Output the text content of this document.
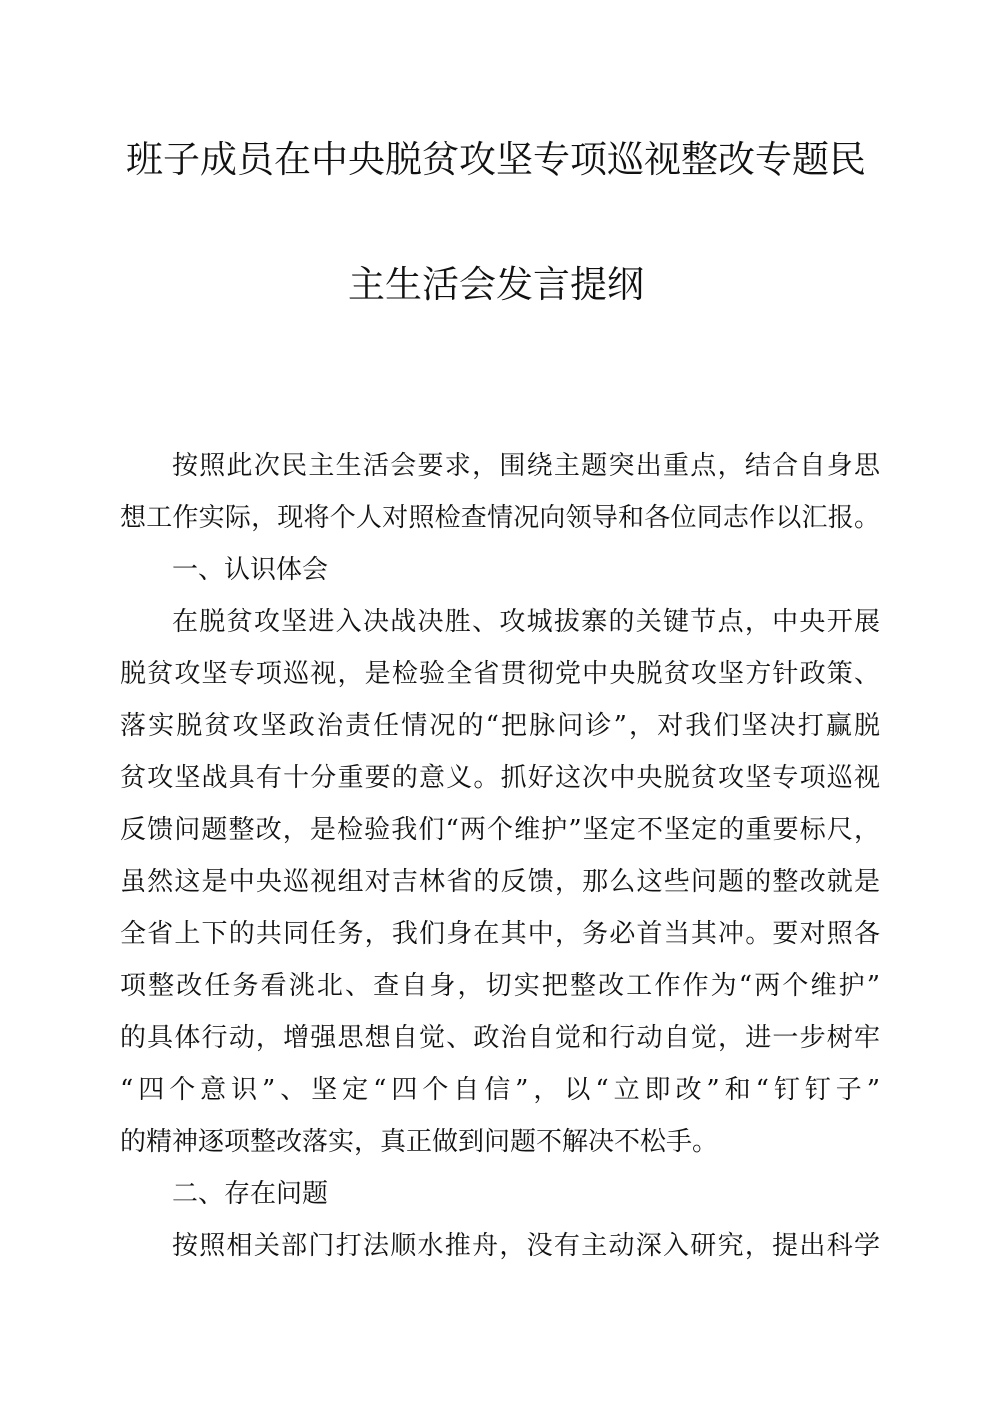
班子成员在中央脱贫攻坚专项巡视整改专题民
主生活会发言提纲
按照此次民主生活会要求，围绕主题突出重点，结合自身思
想工作实际，现将个人对照检查情况向领导和各位同志作以汇报。
一、认识体会
在脱贫攻坚进入决战决胜、攻城拔寨的关键节点，中央开展
脱贫攻坚专项巡视，是检验全省贯彻党中央脱贫攻坚方针政策、
落实脱贫攻坚政治责任情况的“把脉问诊”，对我们坚决打赢脱
贫攻坚战具有十分重要的意义。抓好这次中央脱贫攻坚专项巡视
反馈问题整改，是检验我们“两个维护”坚定不坚定的重要标尺，
虽然这是中央巡视组对吉林省的反馈，那么这些问题的整改就是
全省上下的共同任务，我们身在其中，务必首当其冲。要对照各
项整改任务看洮北、查自身，切实把整改工作作为“两个维护”
的具体行动，增强思想自觉、政治自觉和行动自觉，进一步树牢
“四个意识”、坚定“四个自信”，以“立即改”和“钉钉子”
的精神逐项整改落实，真正做到问题不解决不松手。
二、存在问题
按照相关部门打法顺水推舟，没有主动深入研究，提出科学
